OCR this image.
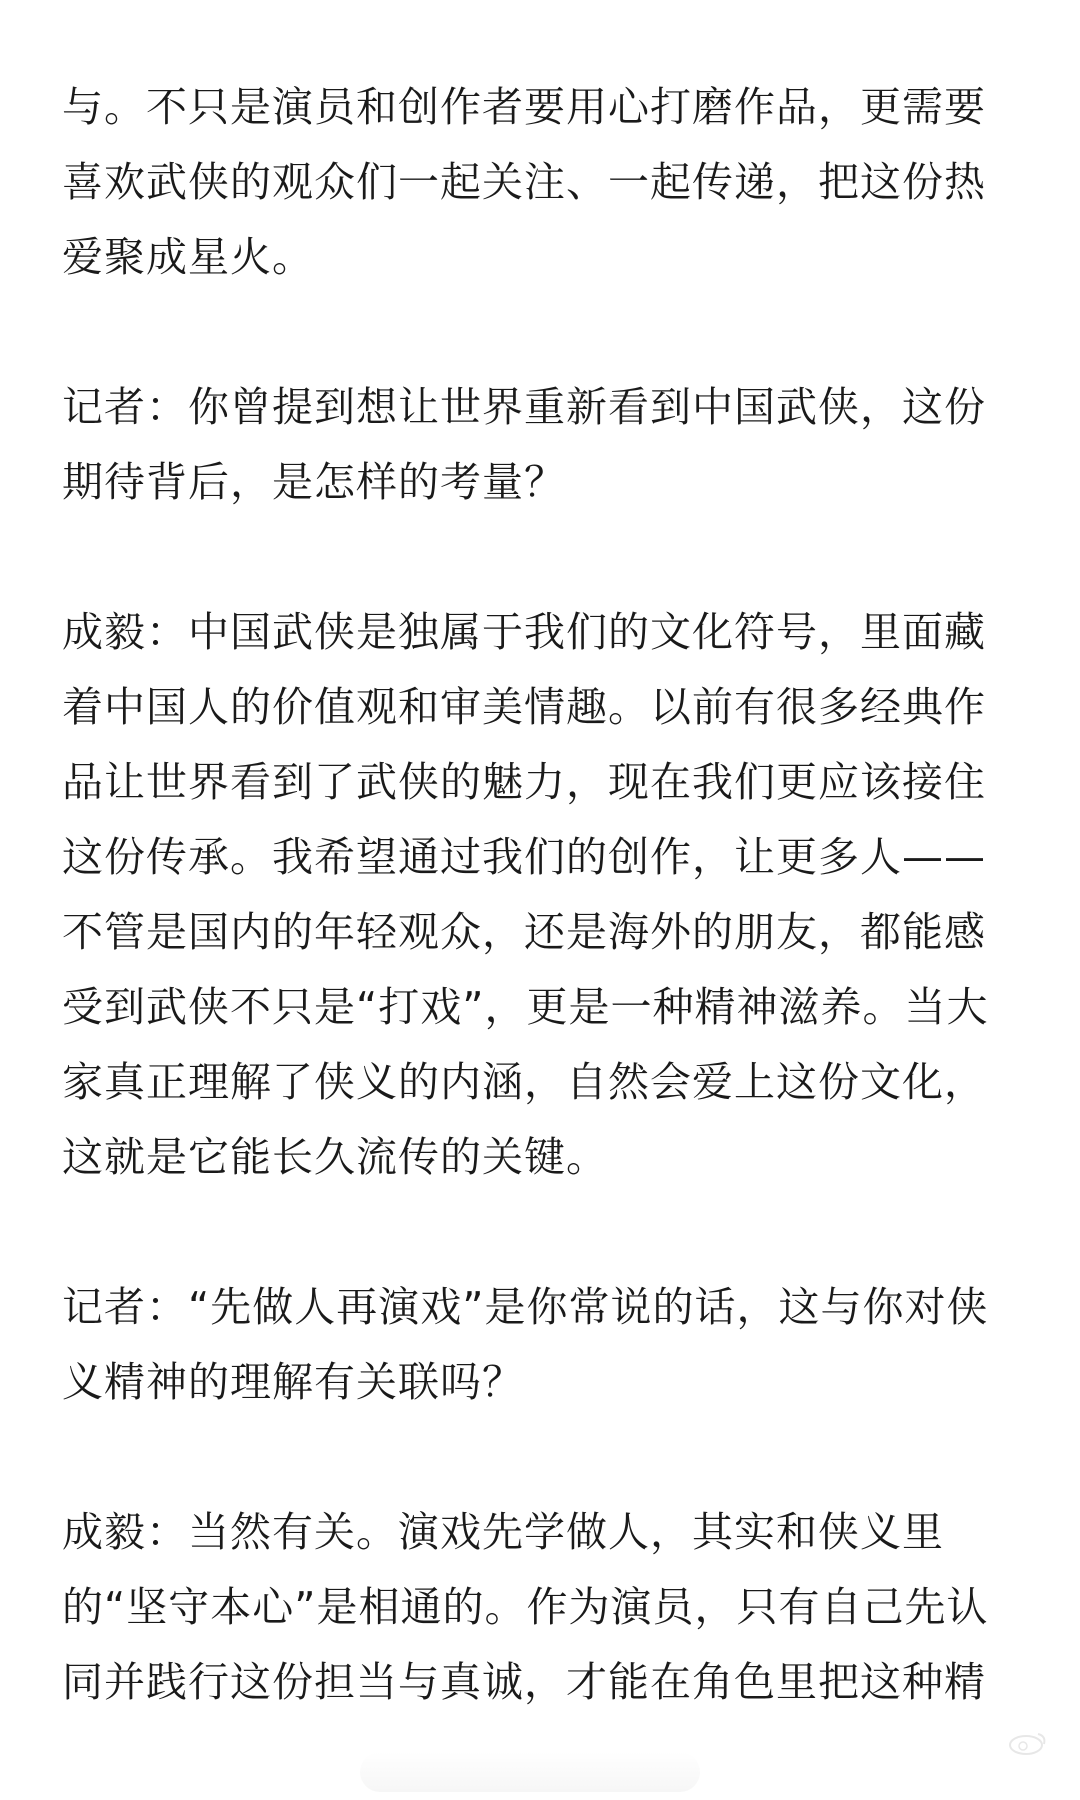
与。不只是演员和创作者要用心打磨作品，更需要
喜欢武侠的观众们一起关注、一起传递，把这份热
爱聚成星火。
记者：你曾提到想让世界重新看到中国武侠，这份
期待背后，是怎样的考量？
成毅：中国武侠是独属于我们的文化符号，里面藏
着中国人的价值观和审美情趣。以前有很多经典作
品让世界看到了武侠的魅力，现在我们更应该接住
这份传承。我希望通过我们的创作，让更多人——
不管是国内的年轻观众，还是海外的朋友，都能感
受到武侠不只是“打戏”，更是一种精神滋养。当大
家真正理解了侠义的内涵，自然会爱上这份文化，
这就是它能长久流传的关键。
记者：“先做人再演戏”是你常说的话，这与你对侠
义精神的理解有关联吗？
成毅：当然有关。演戏先学做人，其实和侠义里
的“坚守本心”是相通的。作为演员，只有自己先认
同并践行这份担当与真诚，才能在角色里把这种精
